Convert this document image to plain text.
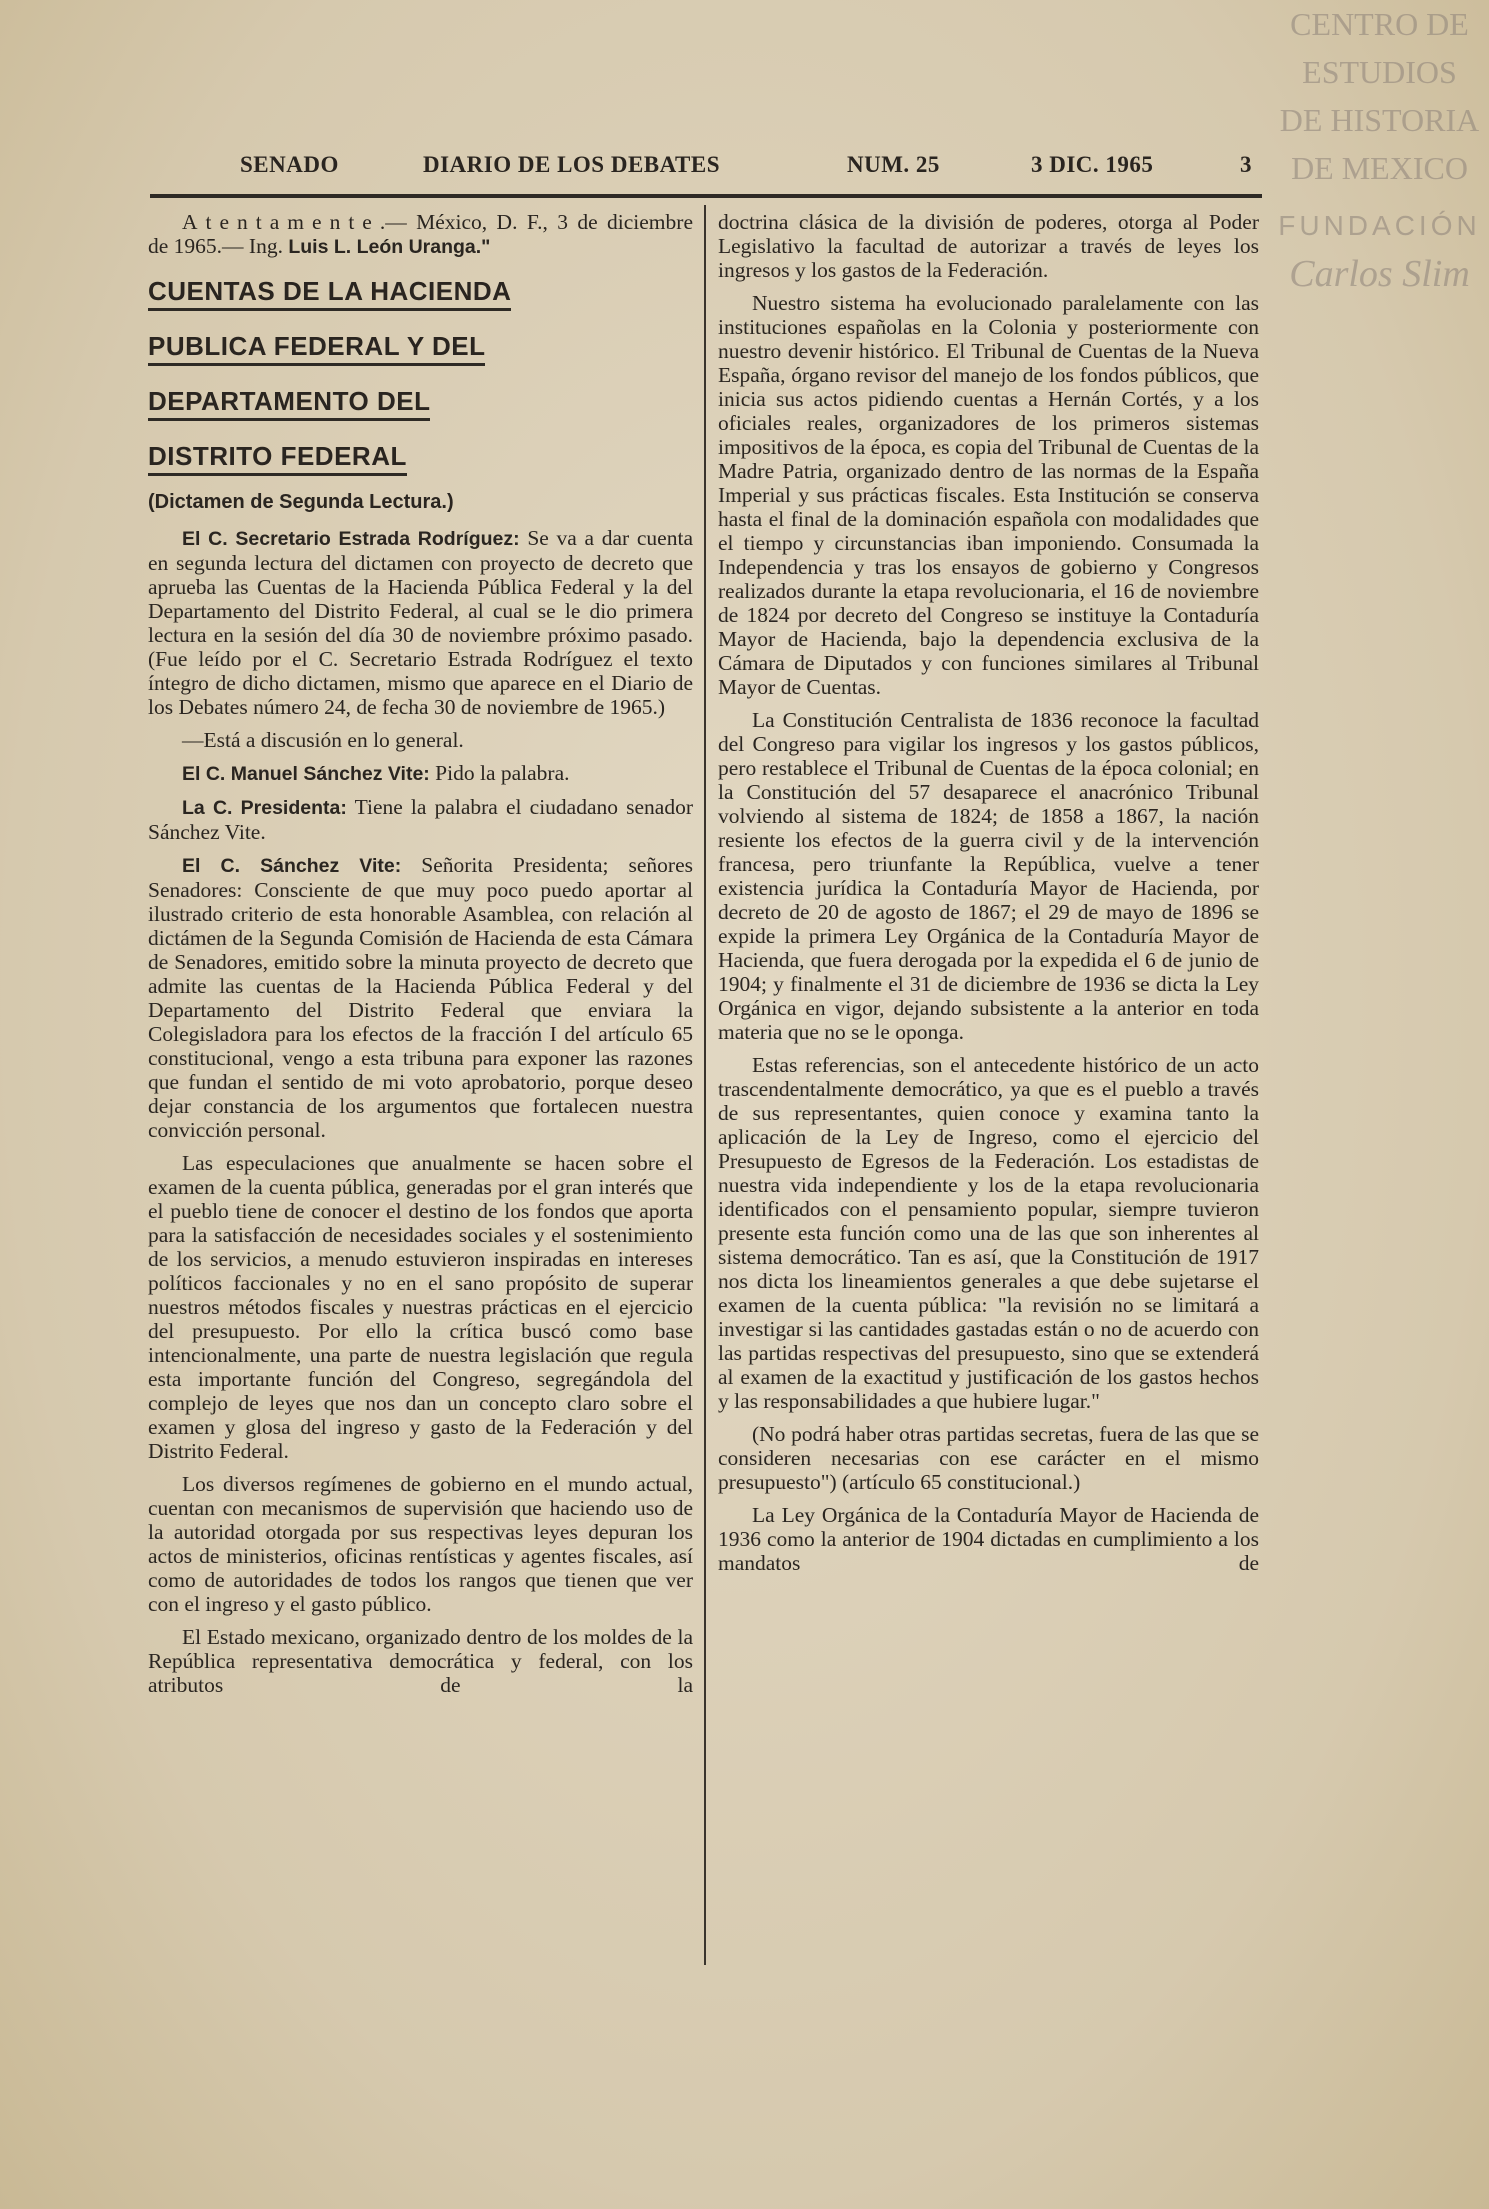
CENTRO DE
ESTUDIOS
DE HISTORIA
DE MEXICO
FUNDACIÓN
Carlos Slim
SENADO	DIARIO DE LOS DEBATES	NUM. 25	3 DIC. 1965	3

Atentamente.— México, D. F., 3 de diciembre de 1965.— Ing. Luis L. León Uranga."

CUENTAS DE LA HACIENDA
PUBLICA FEDERAL Y DEL
DEPARTAMENTO DEL
DISTRITO FEDERAL
(Dictamen de Segunda Lectura.)

El C. Secretario Estrada Rodríguez: Se va a dar cuenta en segunda lectura del dictamen con proyecto de decreto que aprueba las Cuentas de la Hacienda Pública Federal y la del Departamento del Distrito Federal, al cual se le dio primera lectura en la sesión del día 30 de noviembre próximo pasado. (Fue leído por el C. Secretario Estrada Rodríguez el texto íntegro de dicho dictamen, mismo que aparece en el Diario de los Debates número 24, de fecha 30 de noviembre de 1965.)

—Está a discusión en lo general.

El C. Manuel Sánchez Vite: Pido la palabra.

La C. Presidenta: Tiene la palabra el ciudadano senador Sánchez Vite.

El C. Sánchez Vite: Señorita Presidenta; señores Senadores: Consciente de que muy poco puedo aportar al ilustrado criterio de esta honorable Asamblea, con relación al dictámen de la Segunda Comisión de Hacienda de esta Cámara de Senadores, emitido sobre la minuta proyecto de decreto que admite las cuentas de la Hacienda Pública Federal y del Departamento del Distrito Federal que enviara la Colegisladora para los efectos de la fracción I del artículo 65 constitucional, vengo a esta tribuna para exponer las razones que fundan el sentido de mi voto aprobatorio, porque deseo dejar constancia de los argumentos que fortalecen nuestra convicción personal.

Las especulaciones que anualmente se hacen sobre el examen de la cuenta pública, generadas por el gran interés que el pueblo tiene de conocer el destino de los fondos que aporta para la satisfacción de necesidades sociales y el sostenimiento de los servicios, a menudo estuvieron inspiradas en intereses políticos faccionales y no en el sano propósito de superar nuestros métodos fiscales y nuestras prácticas en el ejercicio del presupuesto. Por ello la crítica buscó como base intencionalmente, una parte de nuestra legislación que regula esta importante función del Congreso, segregándola del complejo de leyes que nos dan un concepto claro sobre el examen y glosa del ingreso y gasto de la Federación y del Distrito Federal.

Los diversos regímenes de gobierno en el mundo actual, cuentan con mecanismos de supervisión que haciendo uso de la autoridad otorgada por sus respectivas leyes depuran los actos de ministerios, oficinas rentísticas y agentes fiscales, así como de autoridades de todos los rangos que tienen que ver con el ingreso y el gasto público.

El Estado mexicano, organizado dentro de los moldes de la República representativa democrática y federal, con los atributos de la

doctrina clásica de la división de poderes, otorga al Poder Legislativo la facultad de autorizar a través de leyes los ingresos y los gastos de la Federación.

Nuestro sistema ha evolucionado paralelamente con las instituciones españolas en la Colonia y posteriormente con nuestro devenir histórico. El Tribunal de Cuentas de la Nueva España, órgano revisor del manejo de los fondos públicos, que inicia sus actos pidiendo cuentas a Hernán Cortés, y a los oficiales reales, organizadores de los primeros sistemas impositivos de la época, es copia del Tribunal de Cuentas de la Madre Patria, organizado dentro de las normas de la España Imperial y sus prácticas fiscales. Esta Institución se conserva hasta el final de la dominación española con modalidades que el tiempo y circunstancias iban imponiendo. Consumada la Independencia y tras los ensayos de gobierno y Congresos realizados durante la etapa revolucionaria, el 16 de noviembre de 1824 por decreto del Congreso se instituye la Contaduría Mayor de Hacienda, bajo la dependencia exclusiva de la Cámara de Diputados y con funciones similares al Tribunal Mayor de Cuentas.

La Constitución Centralista de 1836 reconoce la facultad del Congreso para vigilar los ingresos y los gastos públicos, pero restablece el Tribunal de Cuentas de la época colonial; en la Constitución del 57 desaparece el anacrónico Tribunal volviendo al sistema de 1824; de 1858 a 1867, la nación resiente los efectos de la guerra civil y de la intervención francesa, pero triunfante la República, vuelve a tener existencia jurídica la Contaduría Mayor de Hacienda, por decreto de 20 de agosto de 1867; el 29 de mayo de 1896 se expide la primera Ley Orgánica de la Contaduría Mayor de Hacienda, que fuera derogada por la expedida el 6 de junio de 1904; y finalmente el 31 de diciembre de 1936 se dicta la Ley Orgánica en vigor, dejando subsistente a la anterior en toda materia que no se le oponga.

Estas referencias, son el antecedente histórico de un acto trascendentalmente democrático, ya que es el pueblo a través de sus representantes, quien conoce y examina tanto la aplicación de la Ley de Ingreso, como el ejercicio del Presupuesto de Egresos de la Federación. Los estadistas de nuestra vida independiente y los de la etapa revolucionaria identificados con el pensamiento popular, siempre tuvieron presente esta función como una de las que son inherentes al sistema democrático. Tan es así, que la Constitución de 1917 nos dicta los lineamientos generales a que debe sujetarse el examen de la cuenta pública: "la revisión no se limitará a investigar si las cantidades gastadas están o no de acuerdo con las partidas respectivas del presupuesto, sino que se extenderá al examen de la exactitud y justificación de los gastos hechos y las responsabilidades a que hubiere lugar."

(No podrá haber otras partidas secretas, fuera de las que se consideren necesarias con ese carácter en el mismo presupuesto") (artículo 65 constitucional.)

La Ley Orgánica de la Contaduría Mayor de Hacienda de 1936 como la anterior de 1904 dictadas en cumplimiento a los mandatos de
